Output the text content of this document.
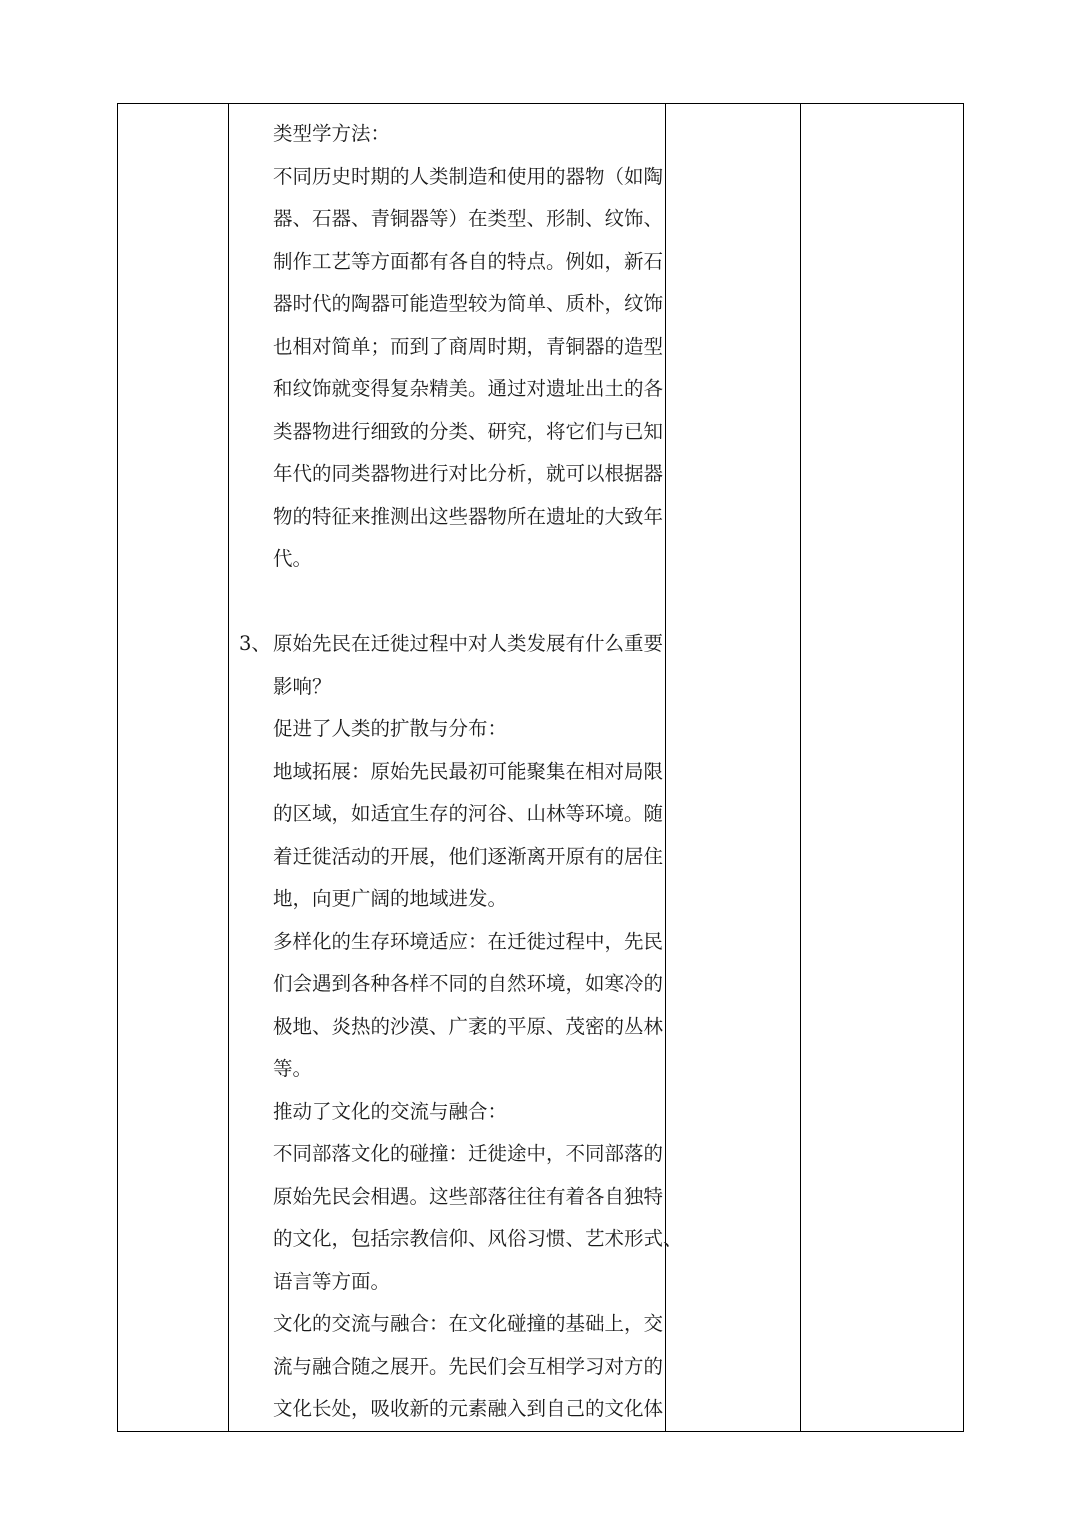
类型学方法：
不同历史时期的人类制造和使用的器物（如陶
器、石器、青铜器等）在类型、形制、纹饰、
制作工艺等方面都有各自的特点。例如，新石
器时代的陶器可能造型较为简单、质朴，纹饰
也相对简单；而到了商周时期，青铜器的造型
和纹饰就变得复杂精美。通过对遗址出土的各
类器物进行细致的分类、研究，将它们与已知
年代的同类器物进行对比分析，就可以根据器
物的特征来推测出这些器物所在遗址的大致年
代。
3、 原始先民在迁徙过程中对人类发展有什么重要
影响？
促进了人类的扩散与分布：
地域拓展：原始先民最初可能聚集在相对局限
的区域，如适宜生存的河谷、山林等环境。随
着迁徙活动的开展，他们逐渐离开原有的居住
地，向更广阔的地域进发。
多样化的生存环境适应：在迁徙过程中，先民
们会遇到各种各样不同的自然环境，如寒冷的
极地、炎热的沙漠、广袤的平原、茂密的丛林
等。
推动了文化的交流与融合：
不同部落文化的碰撞：迁徙途中，不同部落的
原始先民会相遇。这些部落往往有着各自独特
的文化，包括宗教信仰、风俗习惯、艺术形式、
语言等方面。
文化的交流与融合：在文化碰撞的基础上，交
流与融合随之展开。先民们会互相学习对方的
文化长处，吸收新的元素融入到自己的文化体
